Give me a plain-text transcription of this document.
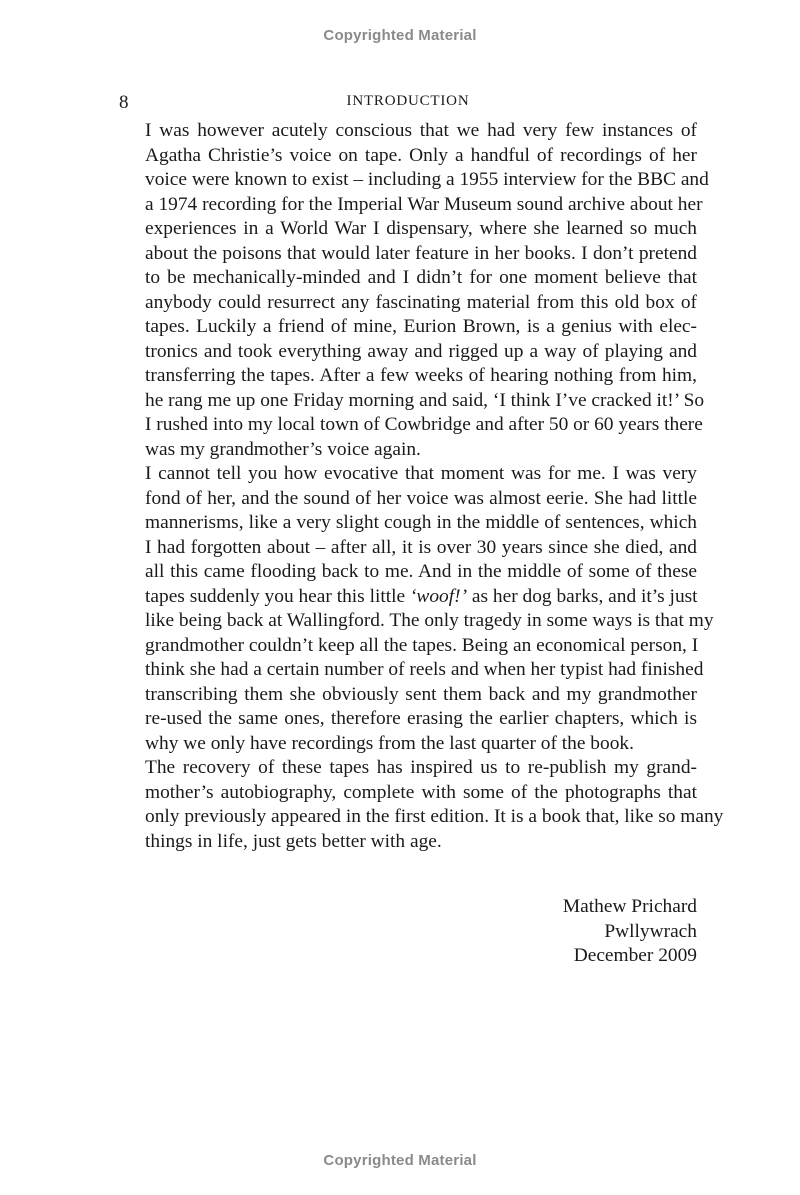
Copyrighted Material
8	INTRODUCTION

I was however acutely conscious that we had very few instances of
Agatha Christie’s voice on tape. Only a handful of recordings of her
voice were known to exist – including a 1955 interview for the BBC and
a 1974 recording for the Imperial War Museum sound archive about her
experiences in a World War I dispensary, where she learned so much
about the poisons that would later feature in her books. I don’t pretend
to be mechanically-minded and I didn’t for one moment believe that
anybody could resurrect any fascinating material from this old box of
tapes. Luckily a friend of mine, Eurion Brown, is a genius with elec-
tronics and took everything away and rigged up a way of playing and
transferring the tapes. After a few weeks of hearing nothing from him,
he rang me up one Friday morning and said, ‘I think I’ve cracked it!’ So
I rushed into my local town of Cowbridge and after 50 or 60 years there
was my grandmother’s voice again.

I cannot tell you how evocative that moment was for me. I was very
fond of her, and the sound of her voice was almost eerie. She had little
mannerisms, like a very slight cough in the middle of sentences, which
I had forgotten about – after all, it is over 30 years since she died, and
all this came flooding back to me. And in the middle of some of these
tapes suddenly you hear this little ‘woof!’ as her dog barks, and it’s just
like being back at Wallingford. The only tragedy in some ways is that my
grandmother couldn’t keep all the tapes. Being an economical person, I
think she had a certain number of reels and when her typist had finished
transcribing them she obviously sent them back and my grandmother
re-used the same ones, therefore erasing the earlier chapters, which is
why we only have recordings from the last quarter of the book.

The recovery of these tapes has inspired us to re-publish my grand-
mother’s autobiography, complete with some of the photographs that
only previously appeared in the first edition. It is a book that, like so many
things in life, just gets better with age.

Mathew Prichard
Pwllywrach
December 2009
Copyrighted Material
